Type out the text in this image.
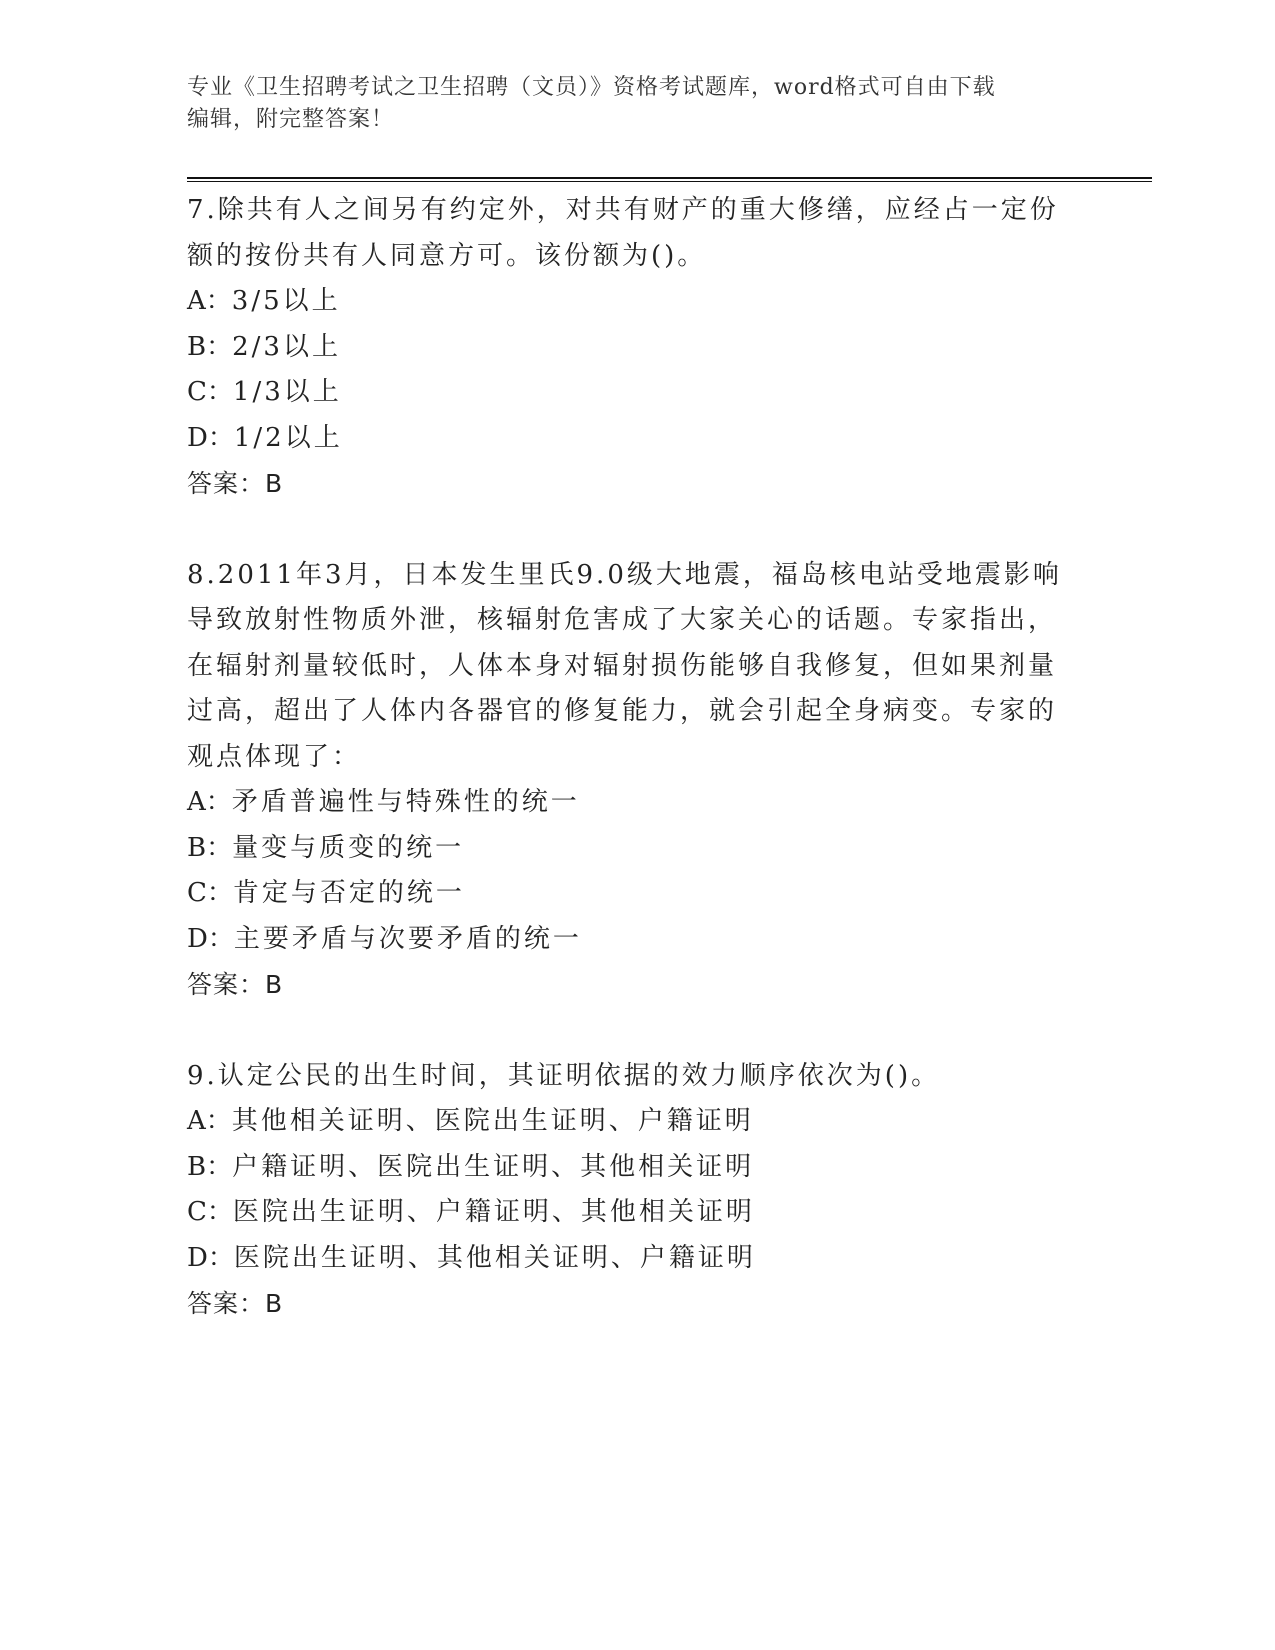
专业《卫生招聘考试之卫生招聘（文员）》资格考试题库，word格式可自由下载
编辑，附完整答案！

7.除共有人之间另有约定外，对共有财产的重大修缮，应经占一定份额的按份共有人同意方可。该份额为()。

A：3/5以上

B：2/3以上

C：1/3以上

D：1/2以上

答案：B

8.2011年3月，日本发生里氏9.0级大地震，福岛核电站受地震影响导致放射性物质外泄，核辐射危害成了大家关心的话题。专家指出，在辐射剂量较低时，人体本身对辐射损伤能够自我修复，但如果剂量过高，超出了人体内各器官的修复能力，就会引起全身病变。专家的观点体现了：

A：矛盾普遍性与特殊性的统一

B：量变与质变的统一

C：肯定与否定的统一

D：主要矛盾与次要矛盾的统一

答案：B

9.认定公民的出生时间，其证明依据的效力顺序依次为()。

A：其他相关证明、医院出生证明、户籍证明

B：户籍证明、医院出生证明、其他相关证明

C：医院出生证明、户籍证明、其他相关证明

D：医院出生证明、其他相关证明、户籍证明

答案：B
